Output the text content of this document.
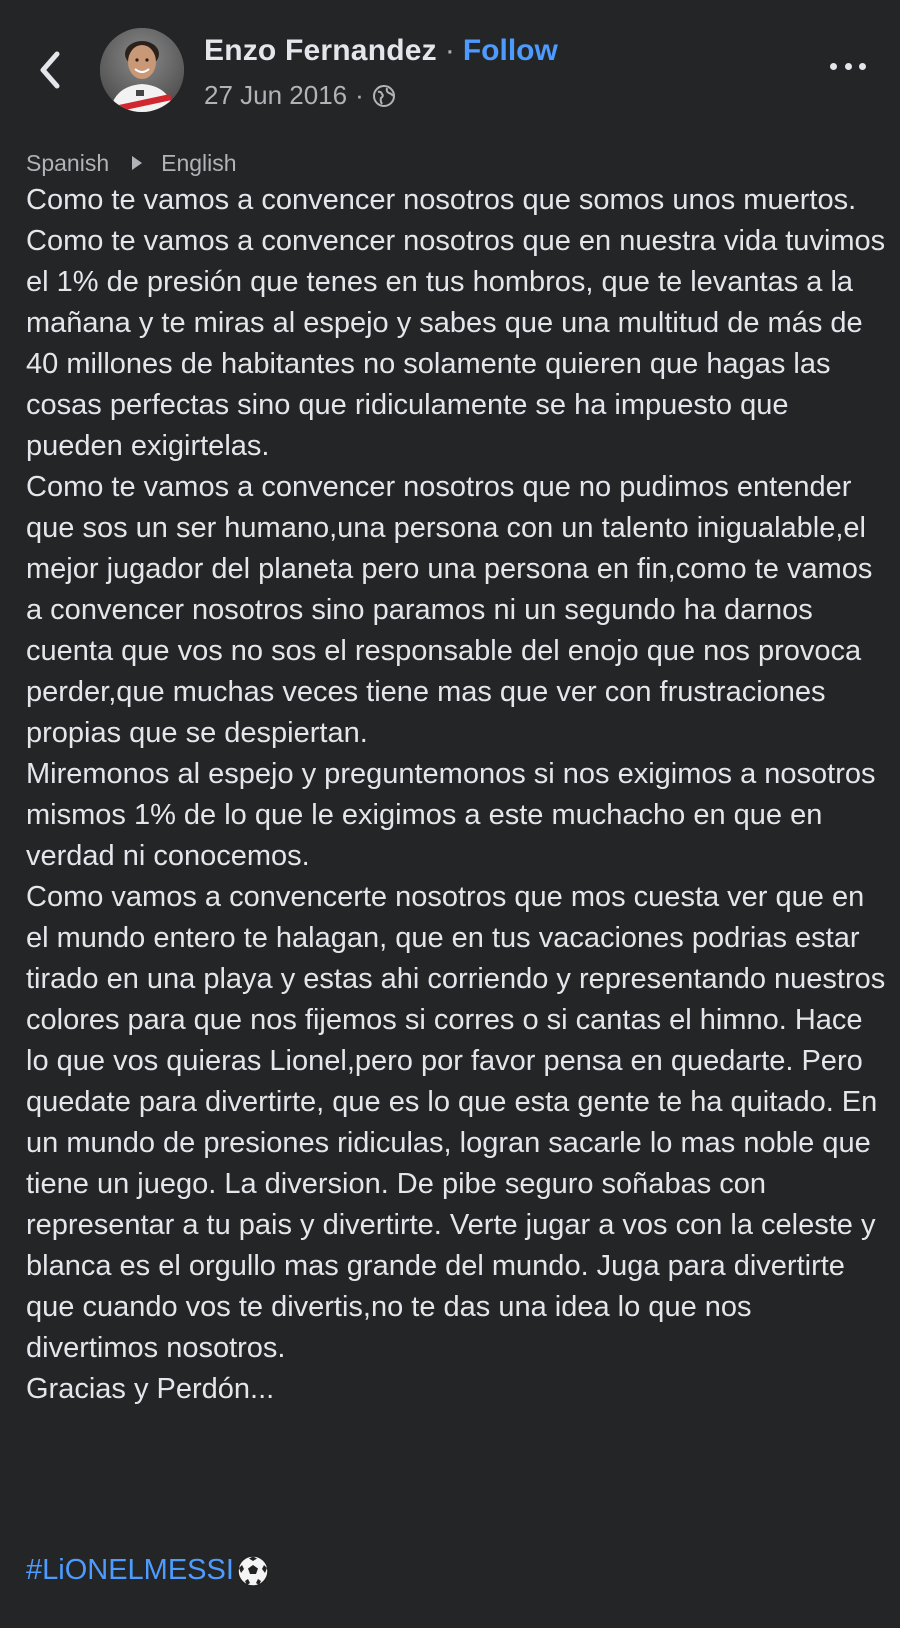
Enzo Fernandez · Follow
27 Jun 2016 ·
Spanish English
Como te vamos a convencer nosotros que somos unos muertos. Como te vamos a convencer nosotros que en nuestra vida tuvimos el 1% de presión que tenes en tus hombros, que te levantas a la mañana y te miras al espejo y sabes que una multitud de más de 40 millones de habitantes no solamente quieren que hagas las cosas perfectas sino que ridiculamente se ha impuesto que pueden exigirtelas.
Como te vamos a convencer nosotros que no pudimos entender que sos un ser humano,una persona con un talento inigualable,el mejor jugador del planeta pero una persona en fin,como te vamos a convencer nosotros sino paramos ni un segundo ha darnos cuenta que vos no sos el responsable del enojo que nos provoca perder,que muchas veces tiene mas que ver con frustraciones propias que se despiertan.
Miremonos al espejo y preguntemonos si nos exigimos a nosotros mismos 1% de lo que le exigimos a este muchacho en que en verdad ni conocemos.
Como vamos a convencerte nosotros que mos cuesta ver que en el mundo entero te halagan, que en tus vacaciones podrias estar tirado en una playa y estas ahi corriendo y representando nuestros colores para que nos fijemos si corres o si cantas el himno. Hace lo que vos quieras Lionel,pero por favor pensa en quedarte. Pero quedate para divertirte, que es lo que esta gente te ha quitado. En un mundo de presiones ridiculas, logran sacarle lo mas noble que tiene un juego. La diversion. De pibe seguro soñabas con representar a tu pais y divertirte. Verte jugar a vos con la celeste y blanca es el orgullo mas grande del mundo. Juga para divertirte que cuando vos te divertis,no te das una idea lo que nos divertimos nosotros.
Gracias y Perdón...
#LiONELMESSI
